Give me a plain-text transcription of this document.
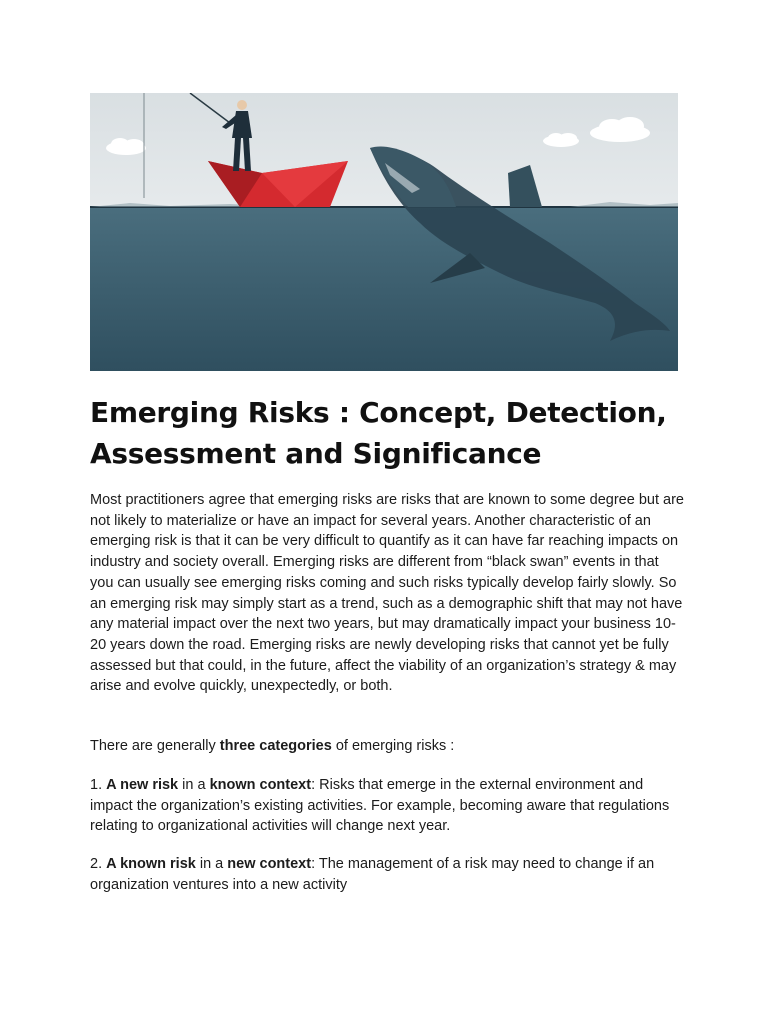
Emerging Risks : Concept, Detection, Assessment and Significance

Most practitioners agree that emerging risks are risks that are known to some degree but are not likely to materialize or have an impact for several years. Another characteristic of an emerging risk is that it can be very difficult to quantify as it can have far reaching impacts on industry and society overall. Emerging risks are different from “black swan” events in that you can usually see emerging risks coming and such risks typically develop fairly slowly. So an emerging risk may simply start as a trend, such as a demographic shift that may not have any material impact over the next two years, but may dramatically impact your business 10-20 years down the road. Emerging risks are newly developing risks that cannot yet be fully assessed but that could, in the future, affect the viability of an organization’s strategy & may arise and evolve quickly, unexpectedly, or both.

There are generally three categories of emerging risks :

1. A new risk in a known context: Risks that emerge in the external environment and impact the organization’s existing activities. For example, becoming aware that regulations relating to organizational activities will change next year.

2. A known risk in a new context: The management of a risk may need to change if an organization ventures into a new activity
